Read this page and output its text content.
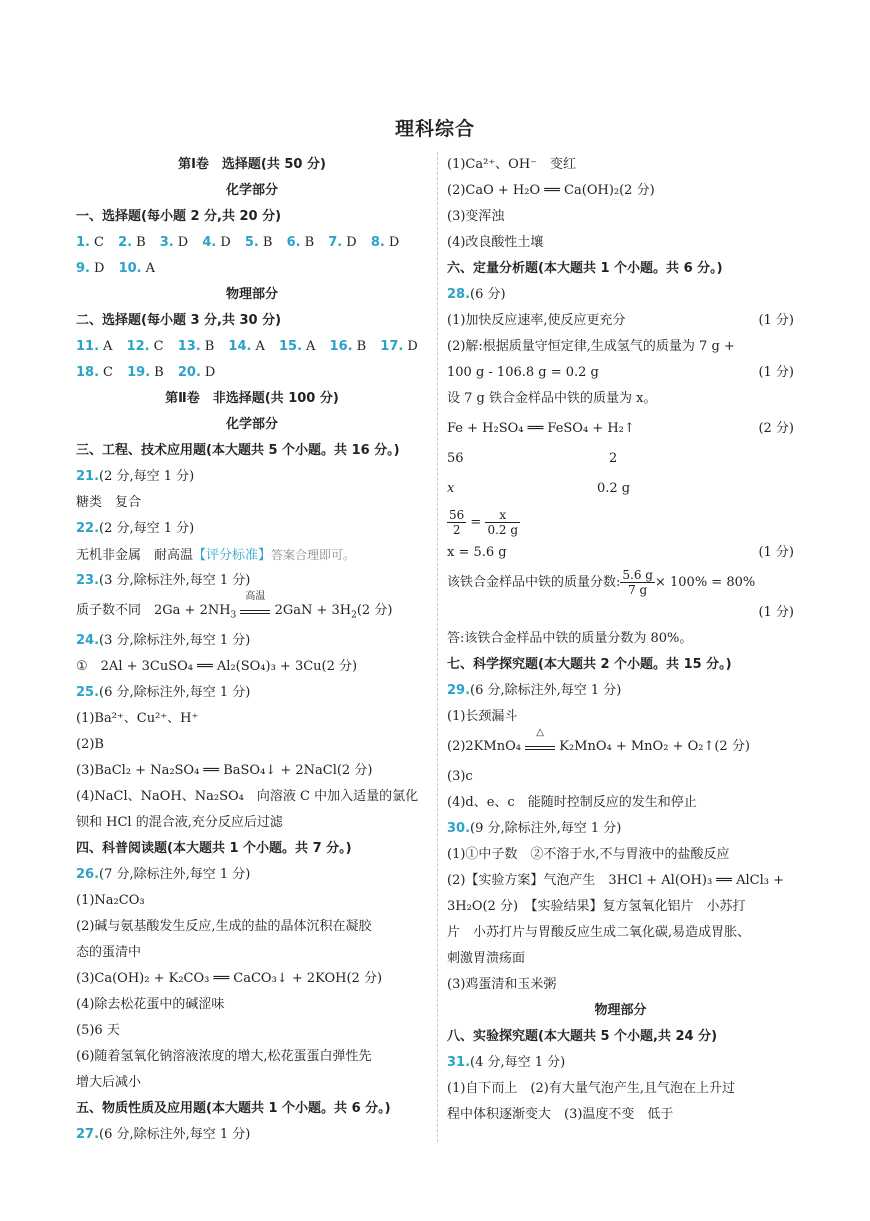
理科综合
第Ⅰ卷　选择题(共 50 分)
化学部分
一、选择题(每小题 2 分,共 20 分)
1. C 2. B 3. D 4. D 5. B 6. B 7. D 8. D
9. D 10. A
物理部分
二、选择题(每小题 3 分,共 30 分)
11. A 12. C 13. B 14. A 15. A 16. B 17. D
18. C 19. B 20. D
第Ⅱ卷　非选择题(共 100 分)
化学部分
三、工程、技术应用题(本大题共 5 个小题。共 16 分。)
21.(2 分,每空 1 分)
糖类　复合
22.(2 分,每空 1 分)
无机非金属　耐高温【评分标准】答案合理即可。
23.(3 分,除标注外,每空 1 分)
质子数不同　$2Ga + 2NH_3$
高温
$2GaN + 3H_2(2$ 分)
24.(3 分,除标注外,每空 1 分)
①　2Al + 3CuSO₄ ══ Al₂(SO₄)₃ + 3Cu(2 分)
25.(6 分,除标注外,每空 1 分)
(1)Ba²⁺、Cu²⁺、H⁺
(2)B
(3)BaCl₂ + Na₂SO₄ ══ BaSO₄↓ + 2NaCl(2 分)
(4)NaCl、NaOH、Na₂SO₄　向溶液 C 中加入适量的氯化
钡和 HCl 的混合液,充分反应后过滤
四、科普阅读题(本大题共 1 个小题。共 7 分。)
26.(7 分,除标注外,每空 1 分)
(1)Na₂CO₃
(2)碱与氨基酸发生反应,生成的盐的晶体沉积在凝胶
态的蛋清中
(3)Ca(OH)₂ + K₂CO₃ ══ CaCO₃↓ + 2KOH(2 分)
(4)除去松花蛋中的碱涩味
(5)6 天
(6)随着氢氧化钠溶液浓度的增大,松花蛋蛋白弹性先
增大后减小
五、物质性质及应用题(本大题共 1 个小题。共 6 分。)
27.(6 分,除标注外,每空 1 分)
(1)Ca²⁺、OH⁻　变红
(2)CaO + H₂O ══ Ca(OH)₂(2 分)
(3)变浑浊
(4)改良酸性土壤
六、定量分析题(本大题共 1 个小题。共 6 分。)
28.(6 分)
(1)加快反应速率,使反应更充分	(1 分)
(2)解:根据质量守恒定律,生成氢气的质量为 7 g +
100 g - 106.8 g = 0.2 g	(1 分)
设 7 g 铁合金样品中铁的质量为 x。
Fe + H₂SO₄ ══ FeSO₄ + H₂↑	(2 分)
56	2
x	0.2 g
$\frac{56}{2} = \frac{x}{0.2 g}$
x = 5.6 g	(1 分)
该铁合金样品中铁的质量分数: $\frac{5.6 g}{7 g} \times 100\% = 80\%$
(1 分)
答:该铁合金样品中铁的质量分数为 80%。
七、科学探究题(本大题共 2 个小题。共 15 分。)
29.(6 分,除标注外,每空 1 分)
(1)长颈漏斗
(2)2KMnO₄
△
K₂MnO₄ + MnO₂ + O₂↑(2 分)
(3)c
(4)d、e、c　能随时控制反应的发生和停止
30.(9 分,除标注外,每空 1 分)
(1)①中子数　②不溶于水,不与胃液中的盐酸反应
(2)【实验方案】气泡产生　3HCl + Al(OH)₃ ══ AlCl₃ +
3H₂O(2 分)　【实验结果】复方氢氧化铝片　小苏打
片　小苏打片与胃酸反应生成二氧化碳,易造成胃胀、
刺激胃溃疡面
(3)鸡蛋清和玉米粥
物理部分
八、实验探究题(本大题共 5 个小题,共 24 分)
31.(4 分,每空 1 分)
(1)自下而上　(2)有大量气泡产生,且气泡在上升过
程中体积逐渐变大　(3)温度不变　低于
